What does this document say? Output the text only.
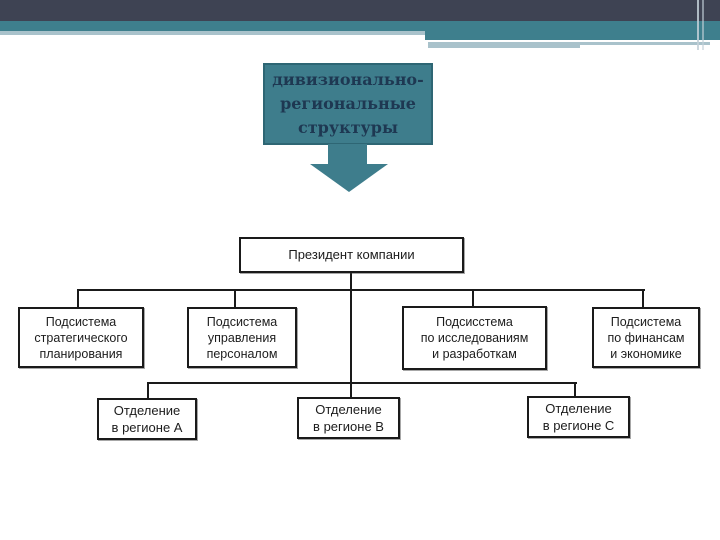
дивизионально-
региональные
структуры
Президент компании
Подсистема
стратегического
планирования
Подсистема
управления
персоналом
Подсисстема
по исследованиям
и разработкам
Подсистема
по финансам
и экономике
Отделение
в регионе А
Отделение
в регионе В
Отделение
в регионе С
